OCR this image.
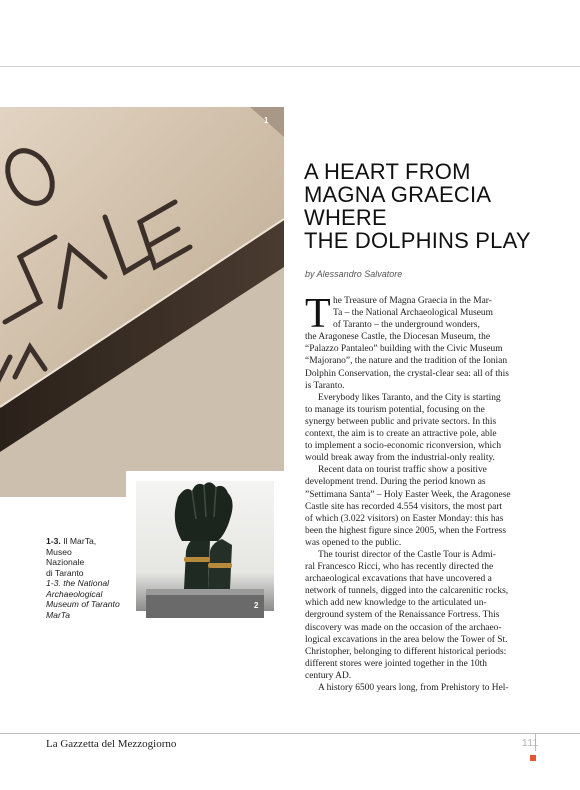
1
2
1-3. Il MarTa,
Museo
Nazionale
di Taranto
1-3. the National
Archaeological
Museum of Taranto
MarTa
A HEART FROM
MAGNA GRAECIA
WHERE
THE DOLPHINS PLAY
by Alessandro Salvatore
T he Treasure of Magna Graecia in the Mar-
Ta – the National Archaeological Museum
of Taranto – the underground wonders,
the Aragonese Castle, the Diocesan Museum, the
“Palazzo Pantaleo” building with the Civic Museum
“Majorano”, the nature and the tradition of the Ionian
Dolphin Conservation, the crystal-clear sea: all of this
is Taranto.
Everybody likes Taranto, and the City is starting
to manage its tourism potential, focusing on the
synergy between public and private sectors. In this
context, the aim is to create an attractive pole, able
to implement a socio-economic riconversion, which
would break away from the industrial-only reality.
Recent data on tourist traffic show a positive
development trend. During the period known as
”Settimana Santa” – Holy Easter Week, the Aragonese
Castle site has recorded 4.554 visitors, the most part
of which (3.022 visitors) on Easter Monday: this has
been the highest figure since 2005, when the Fortress
was opened to the public.
The tourist director of the Castle Tour is Admi-
ral Francesco Ricci, who has recently directed the
archaeological excavations that have uncovered a
network of tunnels, digged into the calcarenitic rocks,
which add new knowledge to the articulated un-
derground system of the Renaissance Fortress. This
discovery was made on the occasion of the archaeo-
logical excavations in the area below the Tower of St.
Christopher, belonging to different historical periods:
different stores were jointed together in the 10th
century AD.
A history 6500 years long, from Prehistory to Hel-
La Gazzetta del Mezzogiorno	111
